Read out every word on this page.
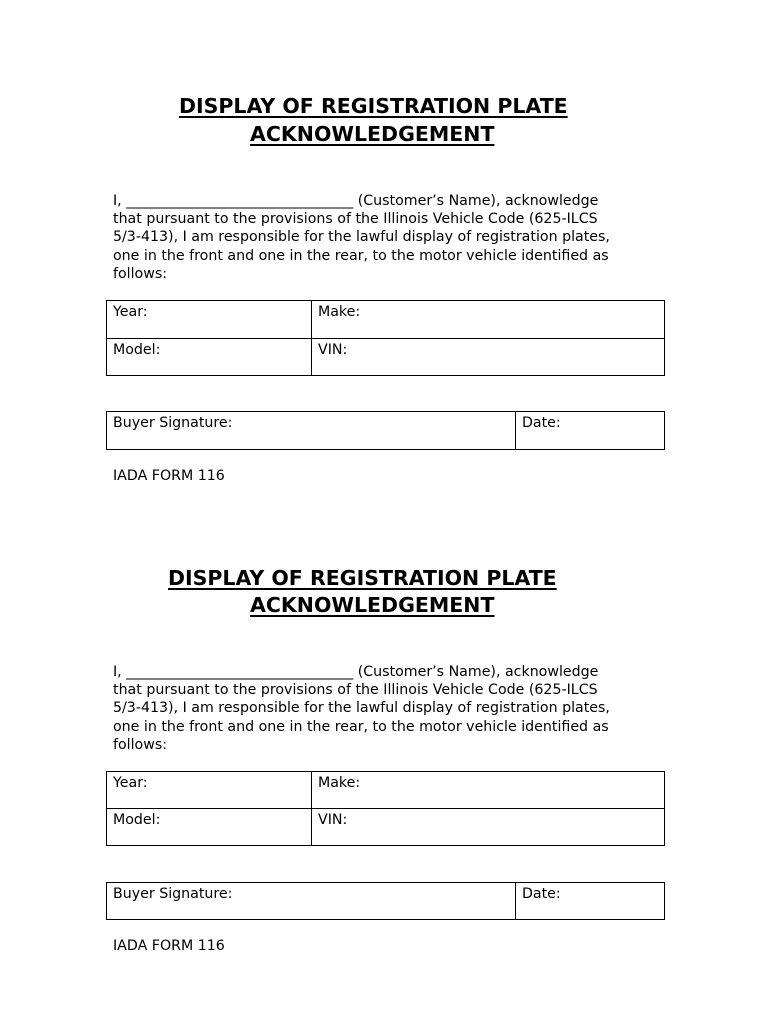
DISPLAY OF REGISTRATION PLATE
ACKNOWLEDGEMENT
I, ________________________________ (Customer’s Name), acknowledge
that pursuant to the provisions of the Illinois Vehicle Code (625-ILCS
5/3-413), I am responsible for the lawful display of registration plates,
one in the front and one in the rear, to the motor vehicle identified as
follows:
Year:	Make:
Model:	VIN:
Buyer Signature:	Date:
IADA FORM 116
DISPLAY OF REGISTRATION PLATE
ACKNOWLEDGEMENT
I, ________________________________ (Customer’s Name), acknowledge
that pursuant to the provisions of the Illinois Vehicle Code (625-ILCS
5/3-413), I am responsible for the lawful display of registration plates,
one in the front and one in the rear, to the motor vehicle identified as
follows:
Year:	Make:
Model:	VIN:
Buyer Signature:	Date:
IADA FORM 116
